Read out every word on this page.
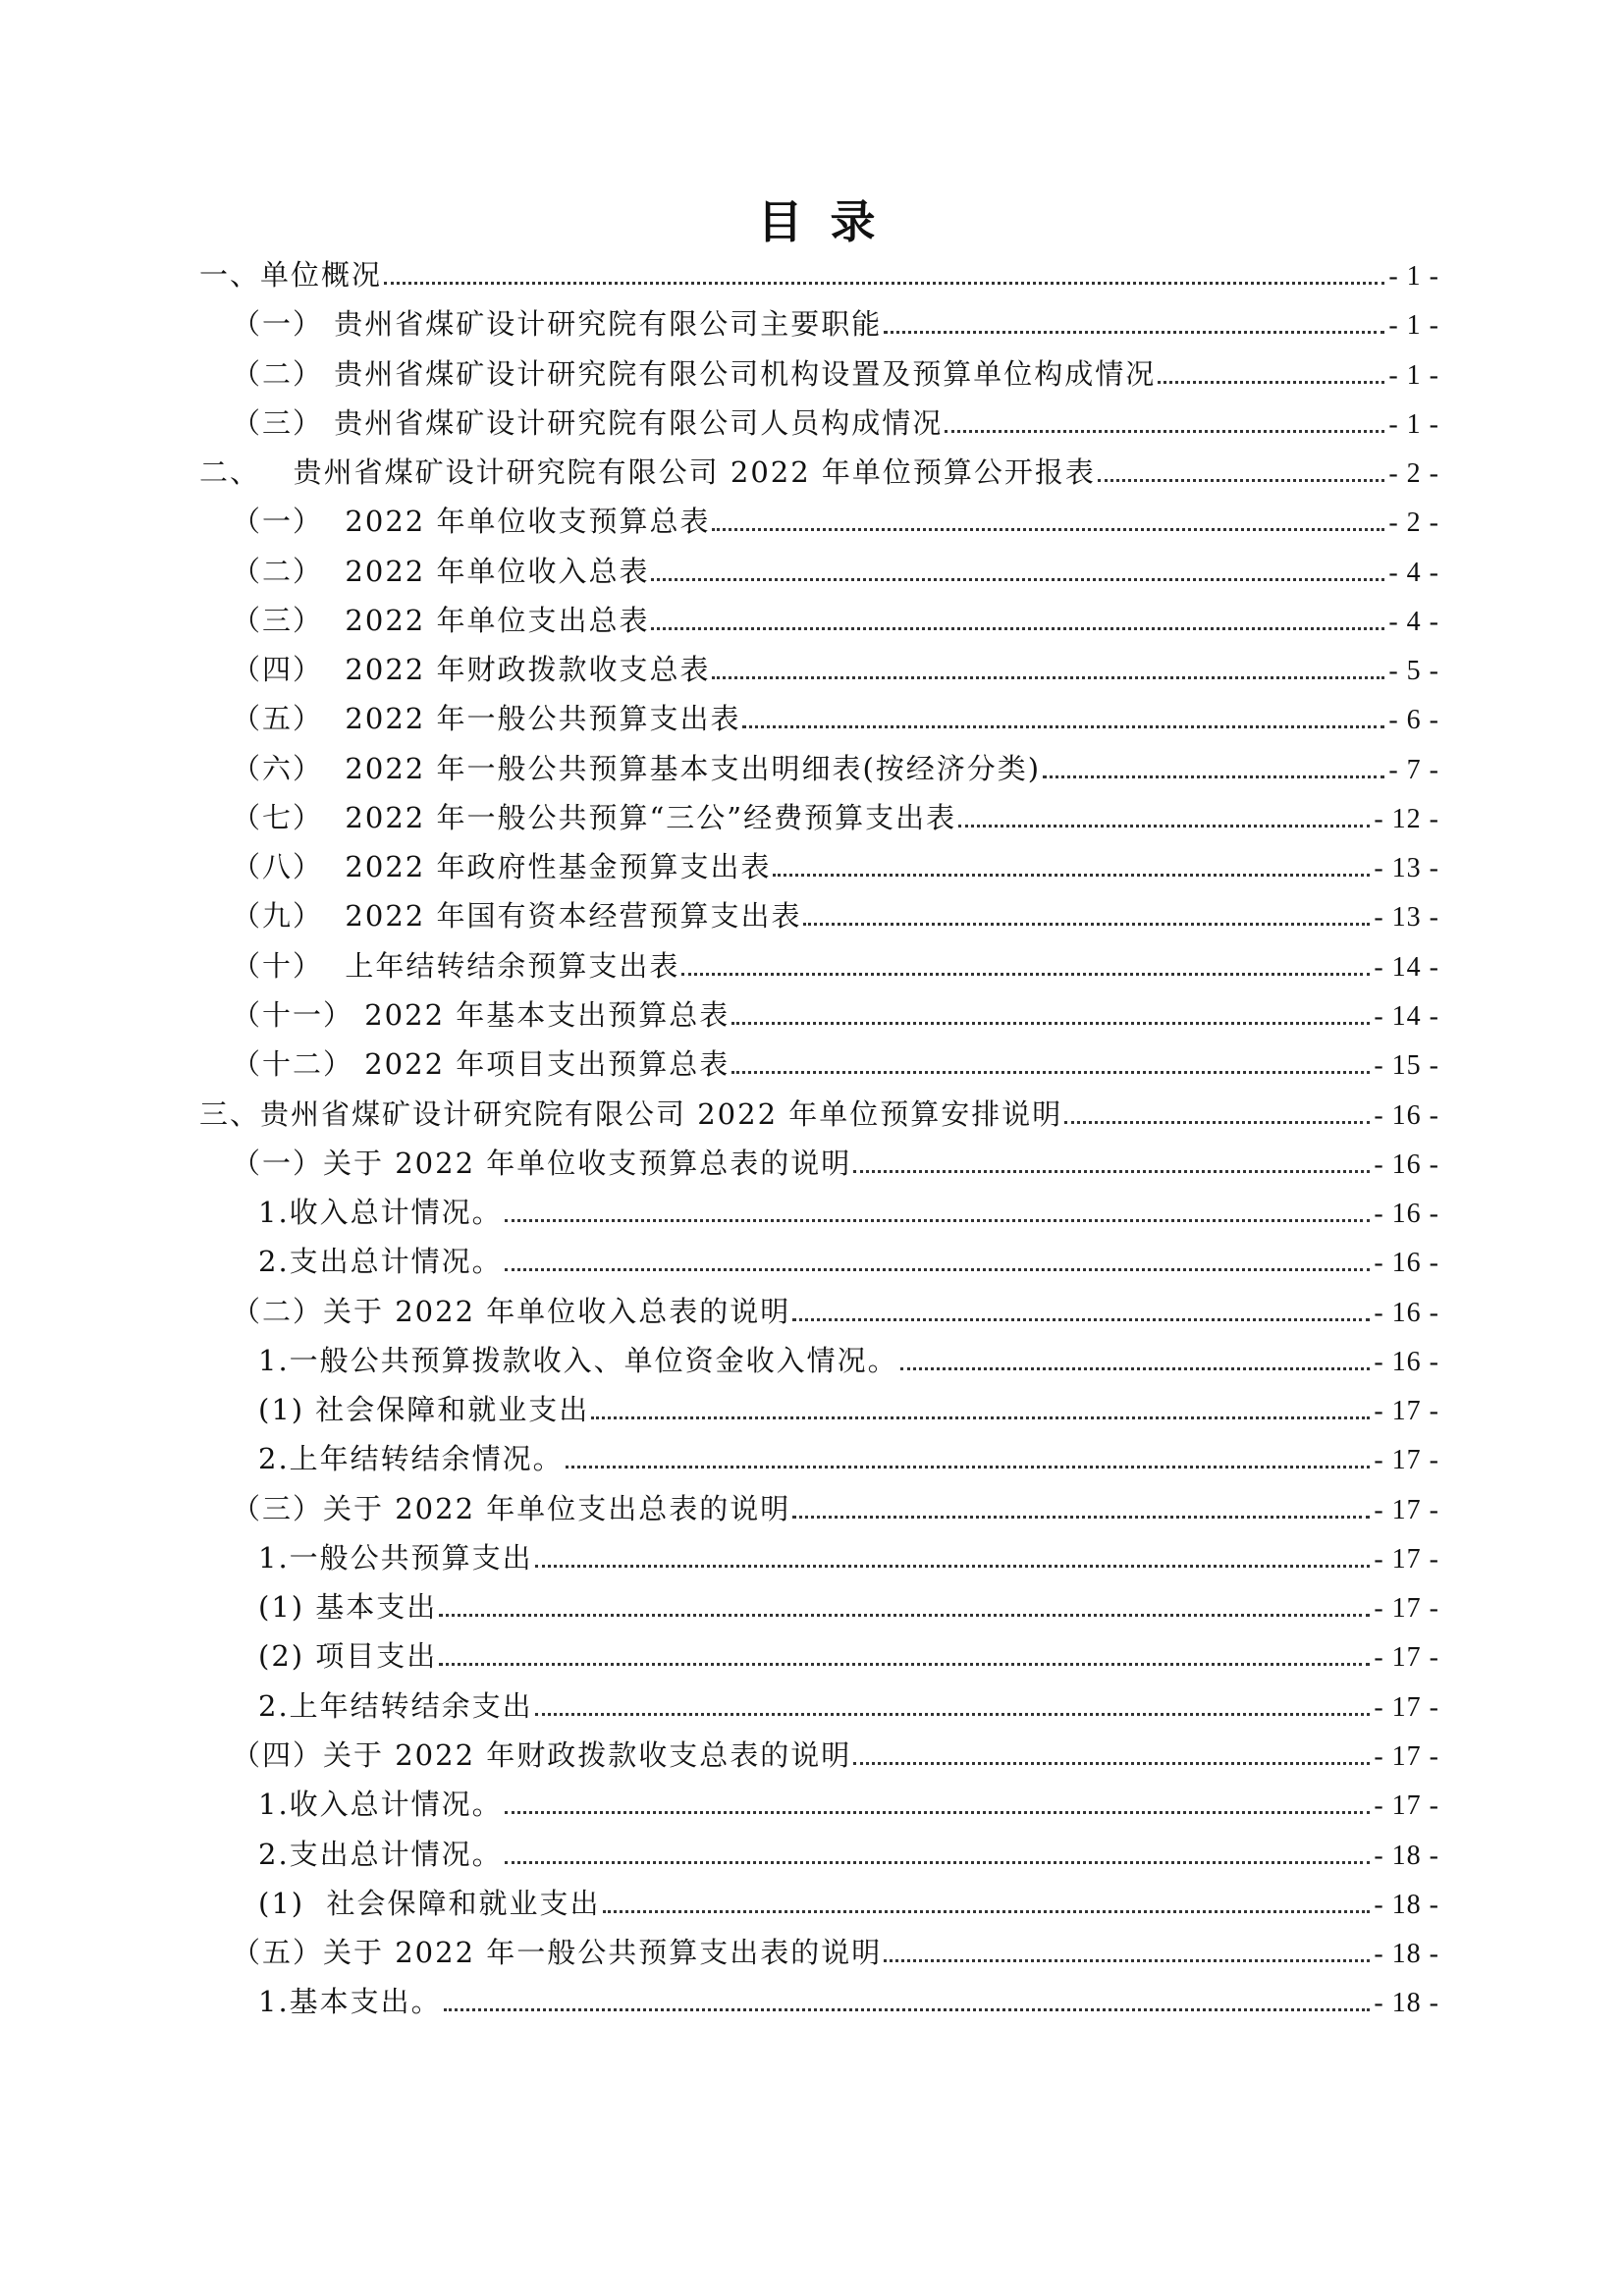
目 录
一、单位概况	- 1 -
（一） 贵州省煤矿设计研究院有限公司主要职能	- 1 -
（二） 贵州省煤矿设计研究院有限公司机构设置及预算单位构成情况	- 1 -
（三） 贵州省煤矿设计研究院有限公司人员构成情况	- 1 -
二、   贵州省煤矿设计研究院有限公司 2022 年单位预算公开报表	- 2 -
（一）  2022 年单位收支预算总表	- 2 -
（二）  2022 年单位收入总表	- 4 -
（三）  2022 年单位支出总表	- 4 -
（四）  2022 年财政拨款收支总表	- 5 -
（五）  2022 年一般公共预算支出表	- 6 -
（六）  2022 年一般公共预算基本支出明细表(按经济分类)	- 7 -
（七）  2022 年一般公共预算“三公”经费预算支出表	- 12 -
（八）  2022 年政府性基金预算支出表	- 13 -
（九）  2022 年国有资本经营预算支出表	- 13 -
（十）  上年结转结余预算支出表	- 14 -
（十一） 2022 年基本支出预算总表	- 14 -
（十二） 2022 年项目支出预算总表	- 15 -
三、贵州省煤矿设计研究院有限公司 2022 年单位预算安排说明	- 16 -
（一）关于 2022 年单位收支预算总表的说明	- 16 -
1.收入总计情况。	- 16 -
2.支出总计情况。	- 16 -
（二）关于 2022 年单位收入总表的说明	- 16 -
1.一般公共预算拨款收入、单位资金收入情况。	- 16 -
(1) 社会保障和就业支出	- 17 -
2.上年结转结余情况。	- 17 -
（三）关于 2022 年单位支出总表的说明	- 17 -
1.一般公共预算支出	- 17 -
(1) 基本支出	- 17 -
(2) 项目支出	- 17 -
2.上年结转结余支出	- 17 -
（四）关于 2022 年财政拨款收支总表的说明	- 17 -
1.收入总计情况。	- 17 -
2.支出总计情况。	- 18 -
(1)  社会保障和就业支出	- 18 -
（五）关于 2022 年一般公共预算支出表的说明	- 18 -
1.基本支出。	- 18 -
